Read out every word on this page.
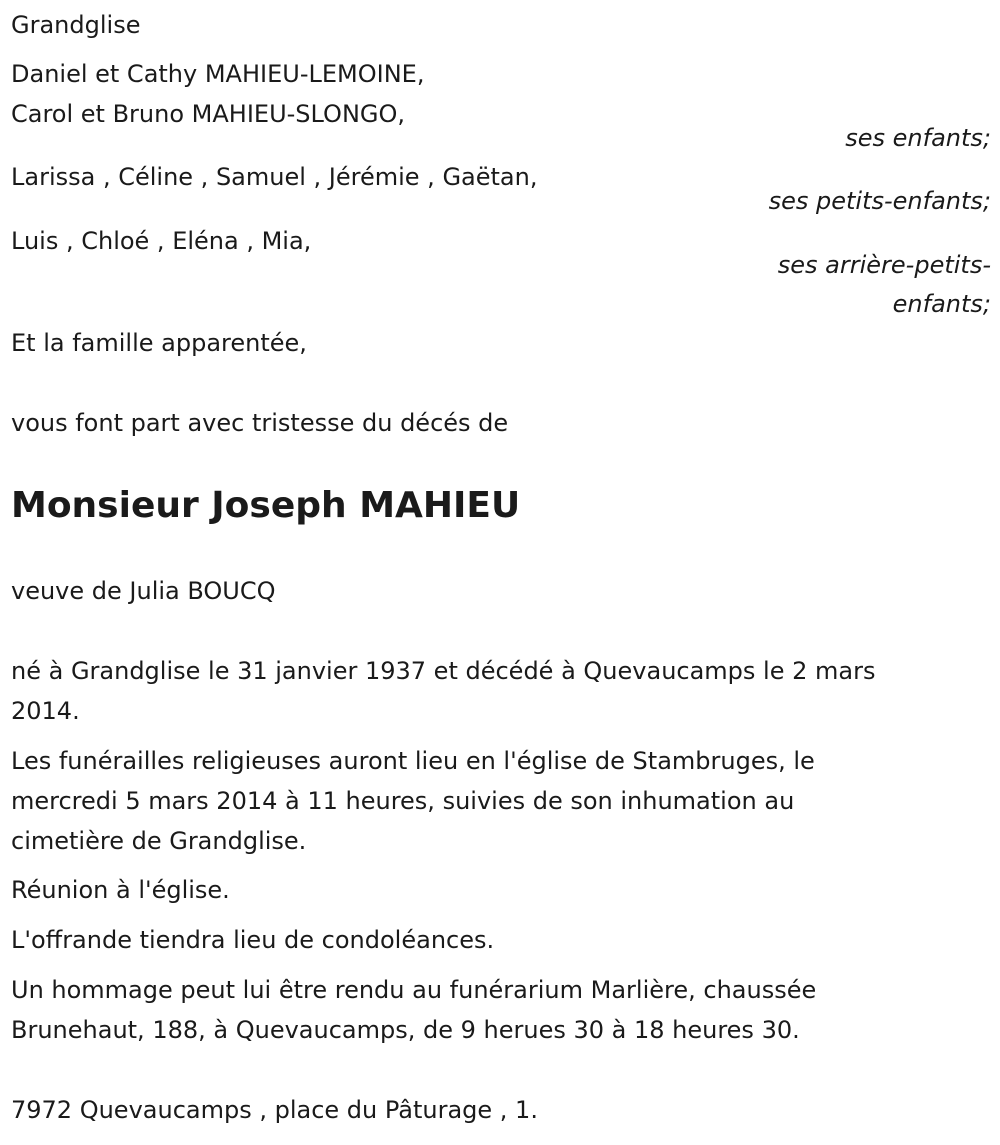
Grandglise
Daniel et Cathy MAHIEU-LEMOINE,
Carol et Bruno MAHIEU-SLONGO,
ses enfants;
Larissa , Céline , Samuel , Jérémie , Gaëtan,
ses petits-enfants;
Luis , Chloé , Eléna , Mia,
ses arrière-petits-
enfants;
Et la famille apparentée,
vous font part avec tristesse du décés de
Monsieur Joseph MAHIEU
veuve de Julia BOUCQ
né à Grandglise le 31 janvier 1937 et décédé à Quevaucamps le 2 mars
2014.
Les funérailles religieuses auront lieu en l'église de Stambruges, le
mercredi 5 mars 2014 à 11 heures, suivies de son inhumation au
cimetière de Grandglise.
Réunion à l'église.
L'offrande tiendra lieu de condoléances.
Un hommage peut lui être rendu au funérarium Marlière, chaussée
Brunehaut, 188, à Quevaucamps, de 9 herues 30 à 18 heures 30.
7972 Quevaucamps , place du Pâturage , 1.
